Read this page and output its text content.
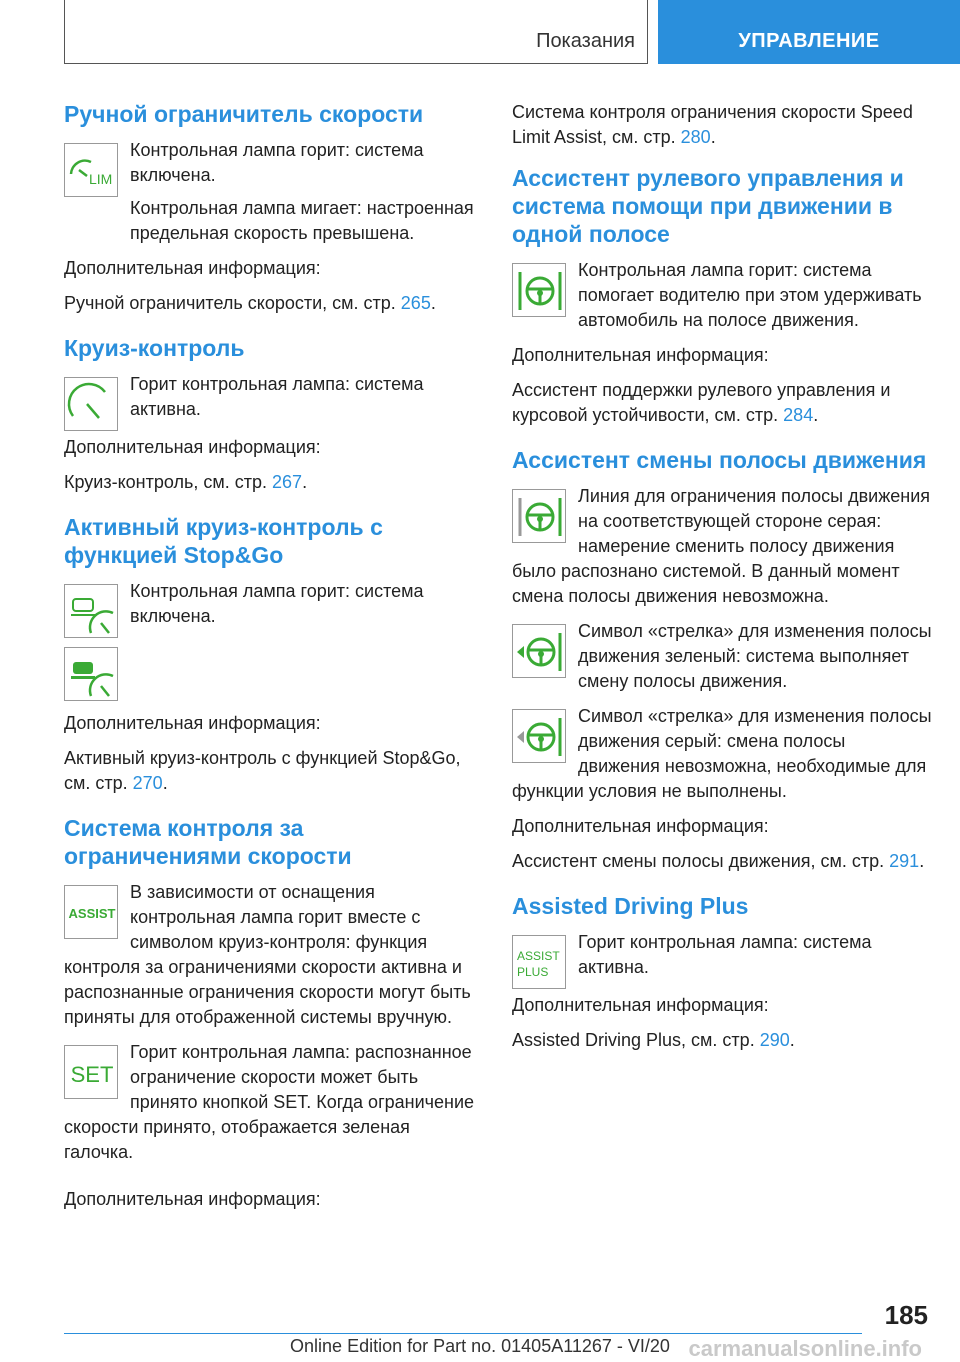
Показания	УПРАВЛЕНИЕ
Ручной ограничитель скорости
LIM

Контрольная лампа горит: система включена.

Контрольная лампа мигает: настроенная предельная скорость превышена.

Дополнительная информация:

Ручной ограничитель скорости, см. стр. 265.

Круиз-контроль

Горит контрольная лампа: система активна.

Дополнительная информация:

Круиз-контроль, см. стр. 267.

Активный круиз-контроль с функцией Stop&Go

Контрольная лампа горит: система включена.

Дополнительная информация:

Активный круиз-контроль с функцией Stop&Go, см. стр. 270.

Система контроля за ограничениями скорости
ASSIST

В зависимости от оснащения контрольная лампа горит вместе с символом круиз-контроля: функция контроля за ограничениями скорости активна и распознанные ограничения скорости могут быть приняты для отображенной системы вручную.

SET

Горит контрольная лампа: распознанное ограничение скорости может быть принято кнопкой SET. Когда ограничение скорости принято, отображается зеленая галочка.

Дополнительная информация:

Система контроля ограничения скорости Speed Limit Assist, см. стр. 280.

Ассистент рулевого управления и система помощи при движении в одной полосе

Контрольная лампа горит: система помогает водителю при этом удерживать автомобиль на полосе движения.

Дополнительная информация:

Ассистент поддержки рулевого управления и курсовой устойчивости, см. стр. 284.

Ассистент смены полосы движения

Линия для ограничения полосы движения на соответствующей стороне серая: намерение сменить полосу движения было распознано системой. В данный момент смена полосы движения невозможна.

Символ «стрелка» для изменения полосы движения зеленый: система выполняет смену полосы движения.

Символ «стрелка» для изменения полосы движения серый: смена полосы движения невозможна, необходимые для функции условия не выполнены.

Дополнительная информация:

Ассистент смены полосы движения, см. стр. 291.

Assisted Driving Plus
ASSIST
PLUS

Горит контрольная лампа: система активна.

Дополнительная информация:

Assisted Driving Plus, см. стр. 290.

185
Online Edition for Part no. 01405A11267 - VI/20 carmanualsonline.info
